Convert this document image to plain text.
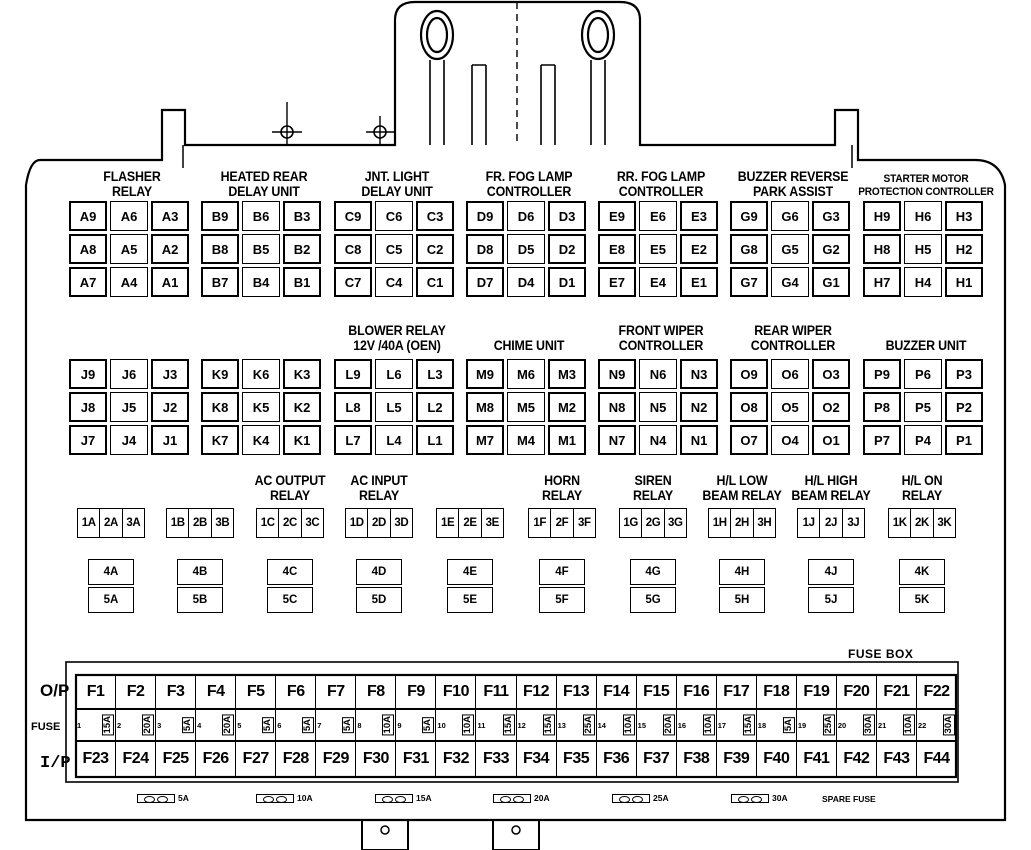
A9	A6	A3
A8	A5	A2
A7	A4	A1
FLASHER
RELAY
B9	B6	B3
B8	B5	B2
B7	B4	B1
HEATED REAR
DELAY UNIT
C9	C6	C3
C8	C5	C2
C7	C4	C1
JNT. LIGHT
DELAY UNIT
D9	D6	D3
D8	D5	D2
D7	D4	D1
FR. FOG LAMP
CONTROLLER
E9	E6	E3
E8	E5	E2
E7	E4	E1
RR. FOG LAMP
CONTROLLER
G9	G6	G3
G8	G5	G2
G7	G4	G1
BUZZER REVERSE
PARK ASSIST
H9	H6	H3
H8	H5	H2
H7	H4	H1
STARTER MOTOR
PROTECTION CONTROLLER
J9	J6	J3
J8	J5	J2
J7	J4	J1
K9	K6	K3
K8	K5	K2
K7	K4	K1
L9	L6	L3
L8	L5	L2
L7	L4	L1
BLOWER RELAY
12V /40A (OEN)
M9	M6	M3
M8	M5	M2
M7	M4	M1
CHIME UNIT
N9	N6	N3
N8	N5	N2
N7	N4	N1
FRONT WIPER
CONTROLLER
O9	O6	O3
O8	O5	O2
O7	O4	O1
REAR WIPER
CONTROLLER
P9	P6	P3
P8	P5	P2
P7	P4	P1
BUZZER UNIT
1A 2A 3A
4A
5A
1B 2B 3B
4B
5B
1C 2C 3C
4C
5C
AC OUTPUT
RELAY
1D 2D 3D
4D
5D
AC INPUT
RELAY
1E 2E 3E
4E
5E
1F 2F 3F
4F
5F
HORN
RELAY
1G 2G 3G
4G
5G
SIREN
RELAY
1H 2H 3H
4H
5H
H/L LOW
BEAM RELAY
1J 2J 3J
4J
5J
H/L HIGH
BEAM RELAY
1K 2K 3K
4K
5K
H/L ON
RELAY
FUSE BOX
O/P
FUSE
I/P
F1	F2	F3	F4	F5	F6	F7	F8	F9	F10 F11 F12 F13 F14 F15 F16 F17 F18 F19 F20 F21 F22
1 15A 2 20A 3 5A 4 20A 5 5A 6 5A 7 5A 8 10A 9 5A 10 10A 11 15A 12 15A 13 25A 14 10A 15 20A 16 10A 17 15A 18 5A 19 25A 20 30A 21 10A 22 30A
F23 F24 F25 F26 F27 F28 F29 F30 F31 F32 F33 F34 F35 F36 F37 F38 F39 F40 F41 F42 F43 F44
5A	10A	15A	20A	25A	30A	SPARE FUSE
